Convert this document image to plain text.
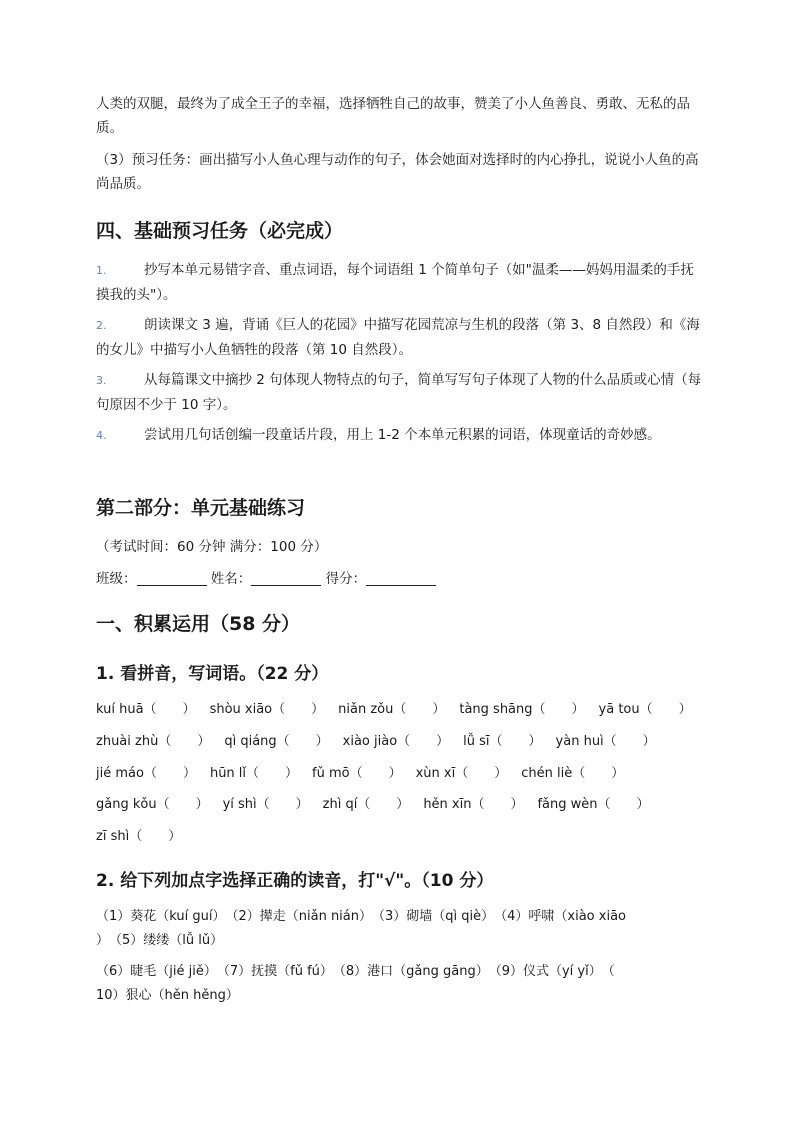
人类的双腿，最终为了成全王子的幸福，选择牺牲自己的故事，赞美了小人鱼善良、勇敢、无私的品质。

（3）预习任务：画出描写小人鱼心理与动作的句子，体会她面对选择时的内心挣扎，说说小人鱼的高尚品质。

四、基础预习任务（必完成）

1.	抄写本单元易错字音、重点词语，每个词语组 1 个简单句子（如"温柔——妈妈用温柔的手抚摸我的头"）。

2.	朗读课文 3 遍，背诵《巨人的花园》中描写花园荒凉与生机的段落（第 3、8 自然段）和《海的女儿》中描写小人鱼牺牲的段落（第 10 自然段）。

3.	从每篇课文中摘抄 2 句体现人物特点的句子，简单写写句子体现了人物的什么品质或心情（每句原因不少于 10 字）。

4.	尝试用几句话创编一段童话片段，用上 1-2 个本单元积累的词语，体现童话的奇妙感。

第二部分：单元基础练习

（考试时间：60 分钟 满分：100 分）

班级：	姓名：	得分：

一、积累运用（58 分）
1. 看拼音，写词语。（22 分）
kuí huā（　　） shòu xiāo（　　） niǎn zǒu（　　） tàng shāng（　　） yā tou（　　）
zhuài zhù（　　） qì qiáng（　　） xiào jiào（　　） lǚ sī（　　） yàn huì（　　）
jié máo（　　） hūn lǐ（　　） fǔ mō（　　） xùn xī（　　） chén liè（　　）
gǎng kǒu（　　） yí shì（　　） zhì qí（　　） hěn xīn（　　） fǎng wèn（　　）
zī shì（　　）
2. 给下列加点字选择正确的读音，打"√"。（10 分）
（1）葵花（kuí guí）　（2）撵走（niǎn nián）　（3）砌墙（qì qiè）　（4）呼啸（xiào xiāo
）　（5）缕缕（lǚ lǔ）
（6）睫毛（jié jiě）　（7）抚摸（fǔ fú）　（8）港口（gǎng gāng）　（9）仪式（yí yǐ）　（
10）狠心（hěn hěng）
